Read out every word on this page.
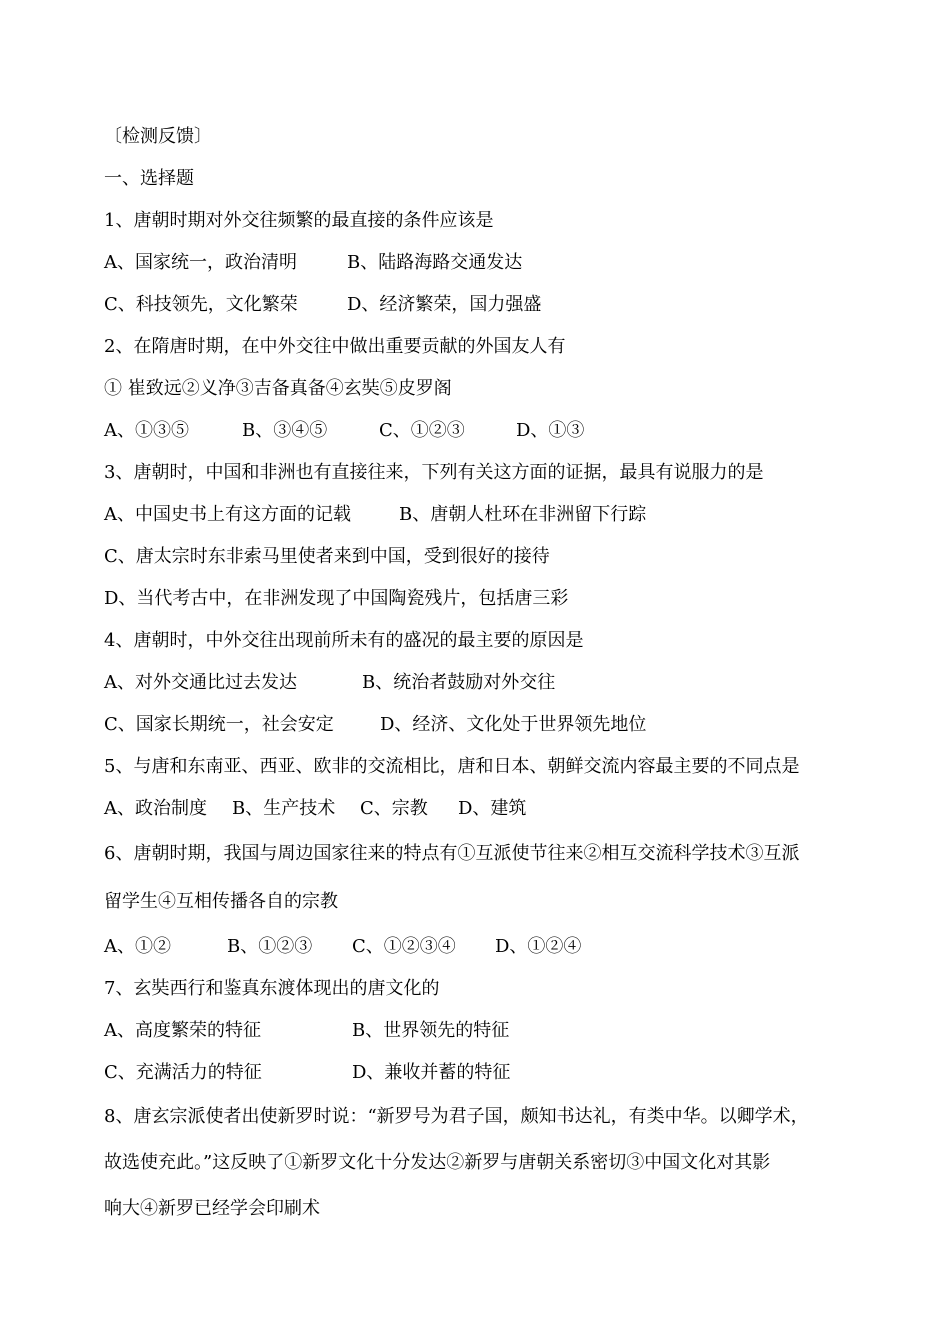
〔检测反馈〕
一、选择题
1、唐朝时期对外交往频繁的最直接的条件应该是
A、国家统一，政治清明	B、陆路海路交通发达
C、科技领先，文化繁荣	D、经济繁荣，国力强盛
2、在隋唐时期，在中外交往中做出重要贡献的外国友人有
① 崔致远②义净③吉备真备④玄奘⑤皮罗阁
A、①③⑤	B、③④⑤	C、①②③	D、①③
3、唐朝时，中国和非洲也有直接往来，下列有关这方面的证据，最具有说服力的是
A、中国史书上有这方面的记载	B、唐朝人杜环在非洲留下行踪
C、唐太宗时东非索马里使者来到中国，受到很好的接待
D、当代考古中，在非洲发现了中国陶瓷残片，包括唐三彩
4、唐朝时，中外交往出现前所未有的盛况的最主要的原因是
A、对外交通比过去发达	B、统治者鼓励对外交往
C、国家长期统一，社会安定	D、经济、文化处于世界领先地位
5、与唐和东南亚、西亚、欧非的交流相比，唐和日本、朝鲜交流内容最主要的不同点是
A、政治制度 B、生产技术 C、宗教 D、建筑
6、唐朝时期，我国与周边国家往来的特点有①互派使节往来②相互交流科学技术③互派
留学生④互相传播各自的宗教
A、①②	B、①②③ C、①②③④ D、①②④
7、玄奘西行和鉴真东渡体现出的唐文化的
A、高度繁荣的特征	B、世界领先的特征
C、充满活力的特征	D、兼收并蓄的特征
8、唐玄宗派使者出使新罗时说：“新罗号为君子国，颇知书达礼，有类中华。以卿学术，
故选使充此。”这反映了①新罗文化十分发达②新罗与唐朝关系密切③中国文化对其影
响大④新罗已经学会印刷术
